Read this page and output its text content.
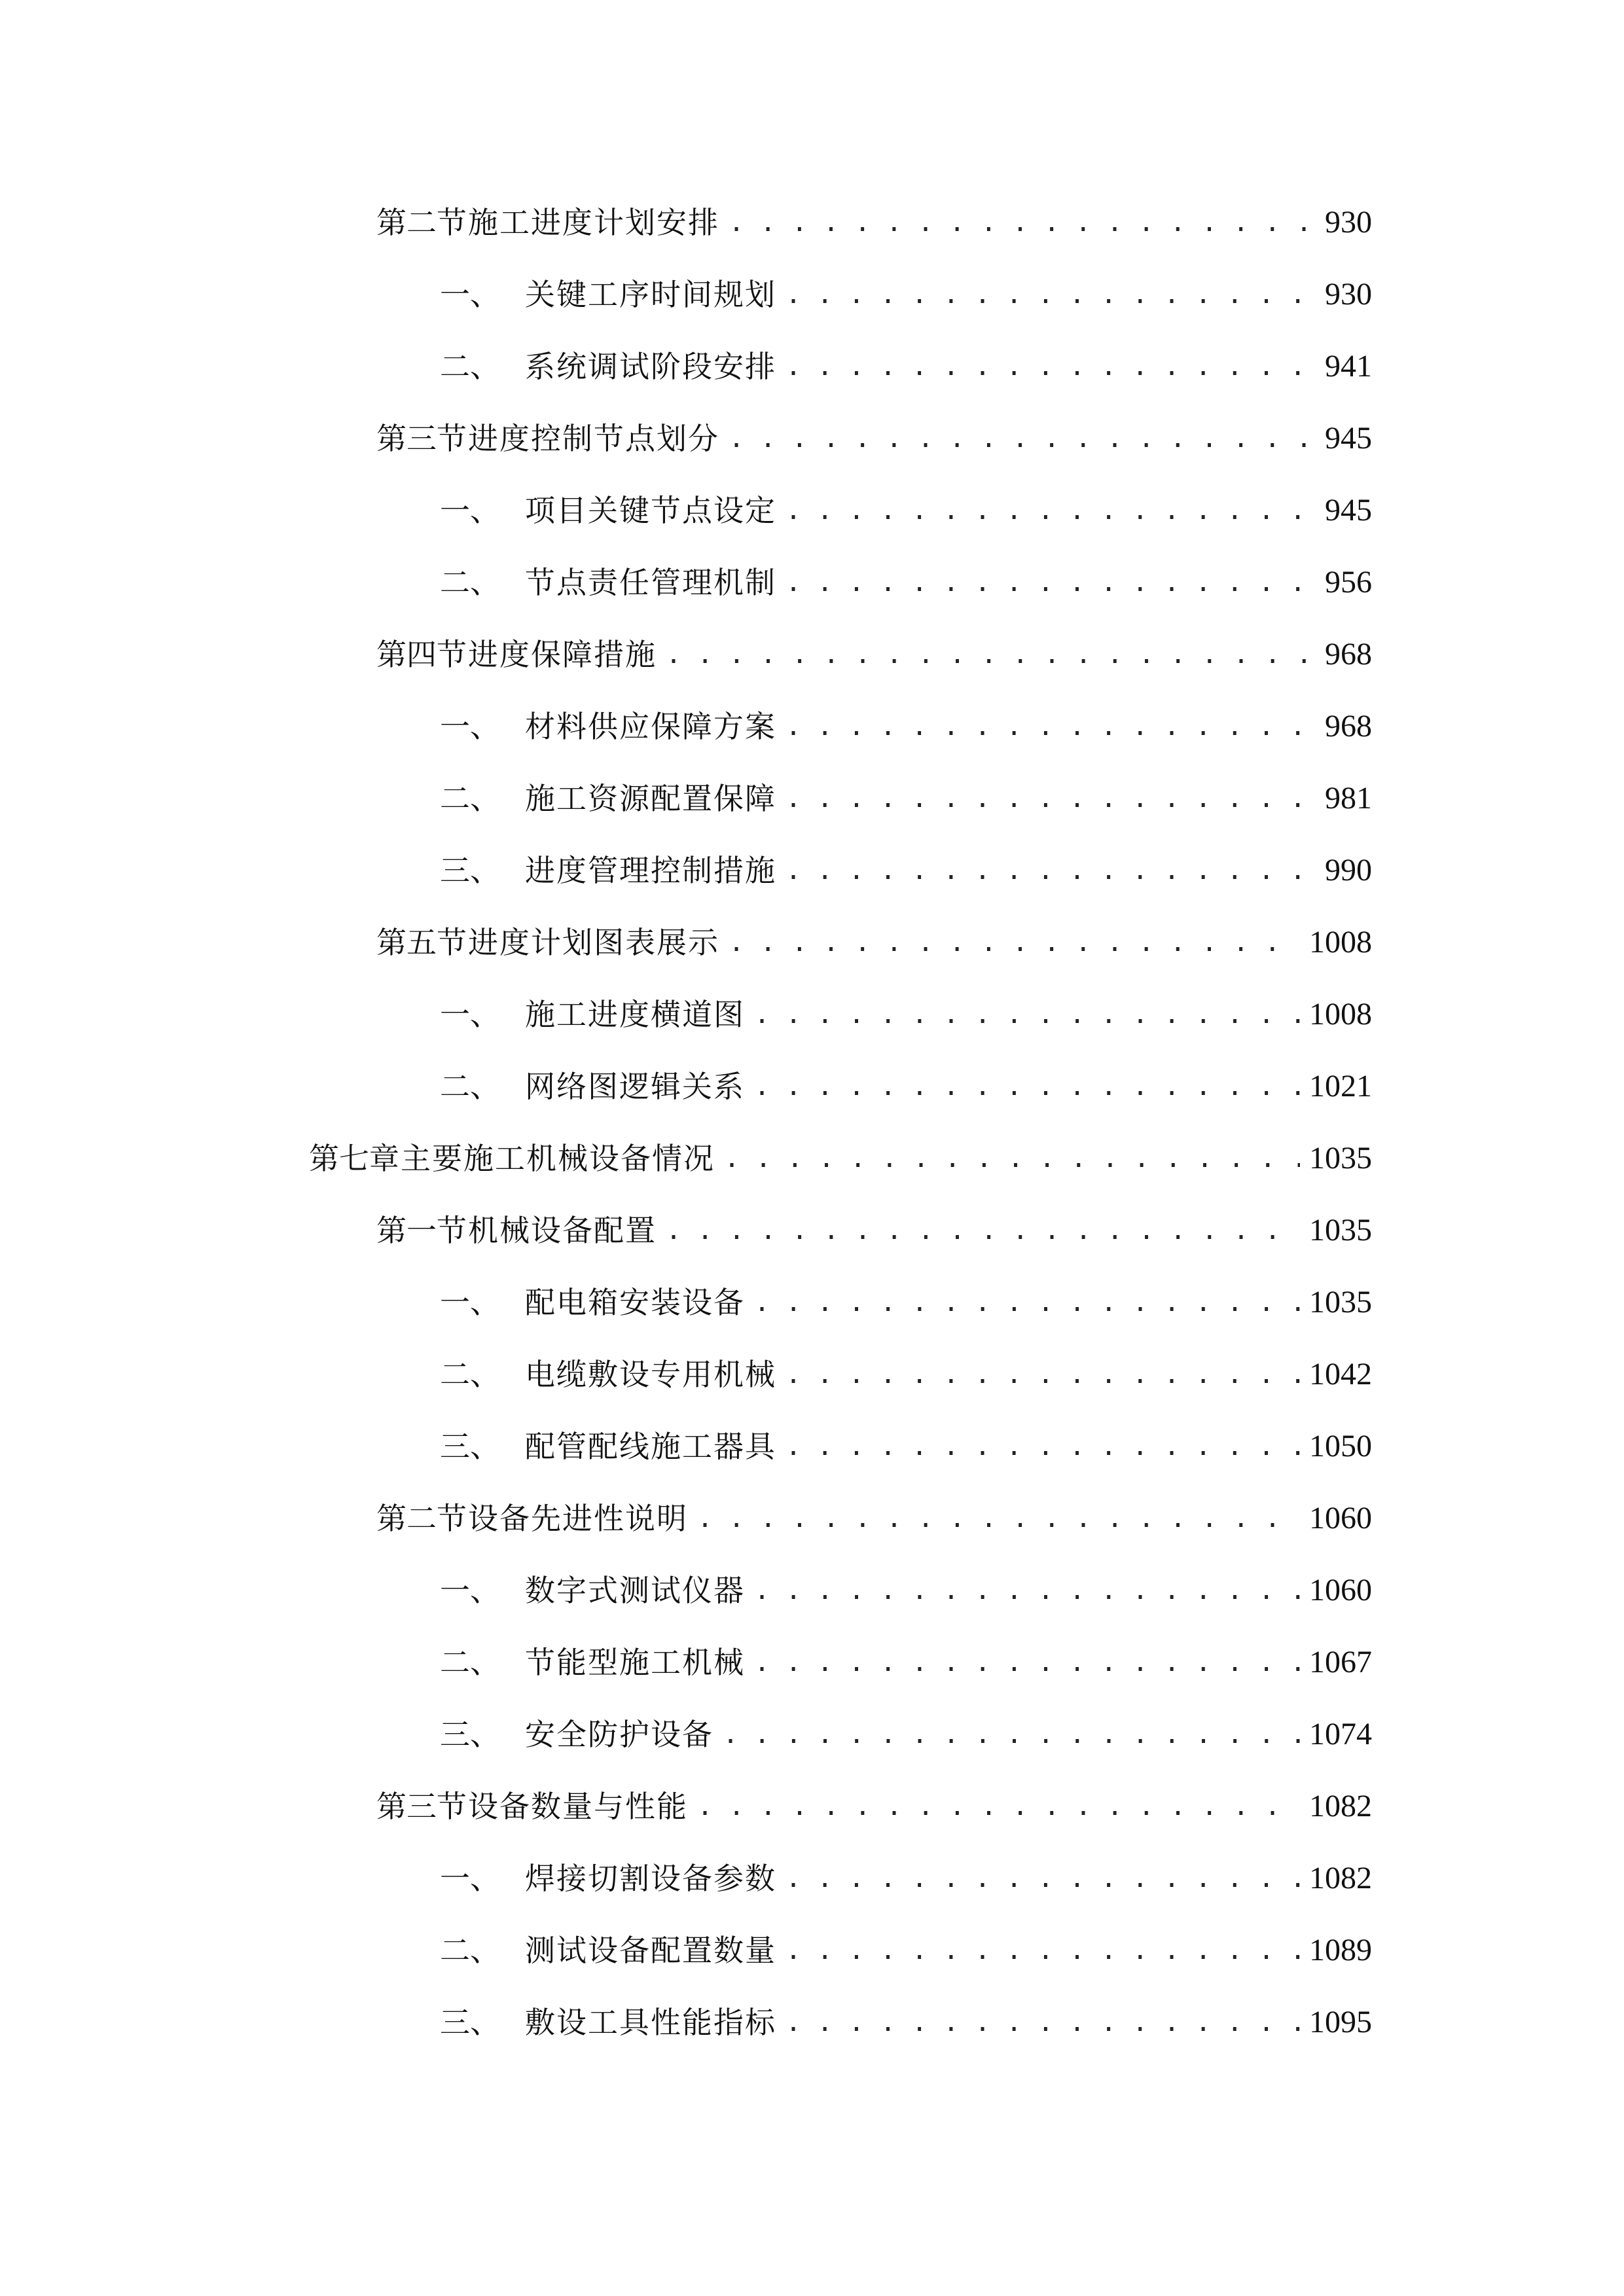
第二节 施工进度计划安排 . . .	930
一、 关键工序时间规划 . . .	930
二、 系统调试阶段安排 . . .	941
第三节 进度控制节点划分 . . .	945
一、 项目关键节点设定 . . .	945
二、 节点责任管理机制 . . .	956
第四节 进度保障措施 . . .	968
一、 材料供应保障方案 . . .	968
二、 施工资源配置保障 . . .	981
三、 进度管理控制措施 . . .	990
第五节 进度计划图表展示 . . .	1008
一、 施工进度横道图 . . .	1008
二、 网络图逻辑关系 . . .	1021
第七章 主要施工机械设备情况 . . .	1035
第一节 机械设备配置 . . .	1035
一、 配电箱安装设备 . . .	1035
二、 电缆敷设专用机械 . . .	1042
三、 配管配线施工器具 . . .	1050
第二节 设备先进性说明 . . .	1060
一、 数字式测试仪器 . . .	1060
二、 节能型施工机械 . . .	1067
三、 安全防护设备 . . .	1074
第三节 设备数量与性能 . . .	1082
一、 焊接切割设备参数 . . .	1082
二、 测试设备配置数量 . . .	1089
三、 敷设工具性能指标 . . .	1095
